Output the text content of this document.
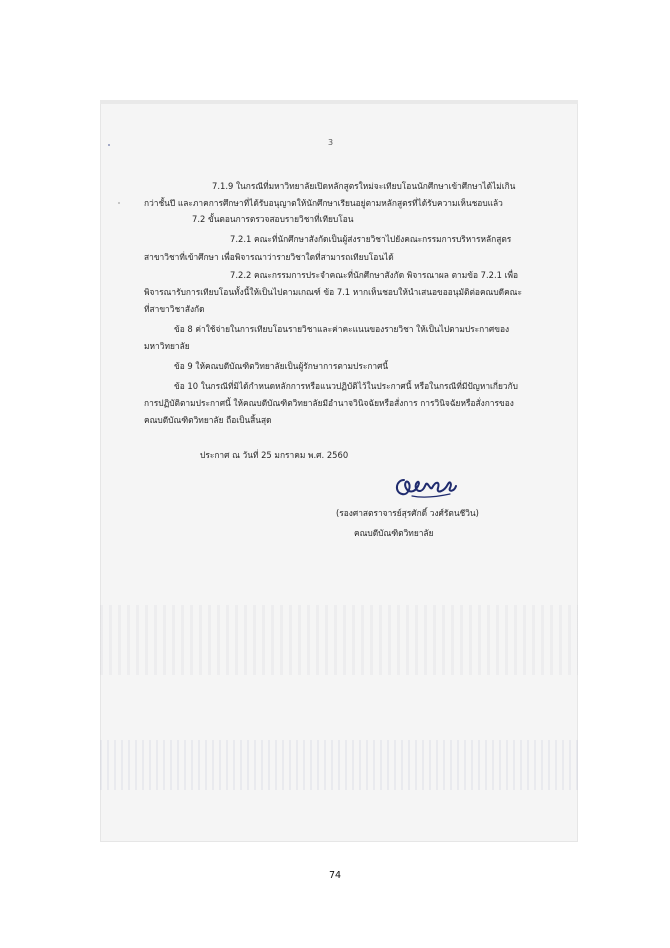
3
7.1.9 ในกรณีที่มหาวิทยาลัยเปิดหลักสูตรใหม่จะเทียบโอนนักศึกษาเข้าศึกษาได้ไม่เกิน
กว่าชั้นปี และภาคการศึกษาที่ได้รับอนุญาตให้นักศึกษาเรียนอยู่ตามหลักสูตรที่ได้รับความเห็นชอบแล้ว
7.2 ขั้นตอนการตรวจสอบรายวิชาที่เทียบโอน
7.2.1 คณะที่นักศึกษาสังกัดเป็นผู้ส่งรายวิชาไปยังคณะกรรมการบริหารหลักสูตร
สาขาวิชาที่เข้าศึกษา เพื่อพิจารณาว่ารายวิชาใดที่สามารถเทียบโอนได้
7.2.2 คณะกรรมการประจำคณะที่นักศึกษาสังกัด พิจารณาผล ตามข้อ 7.2.1 เพื่อ
พิจารณารับการเทียบโอนทั้งนี้ให้เป็นไปตามเกณฑ์ ข้อ 7.1 หากเห็นชอบให้นำเสนอขออนุมัติต่อคณบดีคณะ
ที่สาขาวิชาสังกัด
ข้อ 8 ค่าใช้จ่ายในการเทียบโอนรายวิชาและค่าคะแนนของรายวิชา ให้เป็นไปตามประกาศของ
มหาวิทยาลัย
ข้อ 9 ให้คณบดีบัณฑิตวิทยาลัยเป็นผู้รักษาการตามประกาศนี้
ข้อ 10 ในกรณีที่มิได้กำหนดหลักการหรือแนวปฏิบัติไว้ในประกาศนี้ หรือในกรณีที่มีปัญหาเกี่ยวกับ
การปฏิบัติตามประกาศนี้ ให้คณบดีบัณฑิตวิทยาลัยมีอำนาจวินิจฉัยหรือสั่งการ การวินิจฉัยหรือสั่งการของ
คณบดีบัณฑิตวิทยาลัย ถือเป็นสิ้นสุด
ประกาศ ณ วันที่ 25 มกราคม พ.ศ. 2560
(รองศาสตราจารย์สุรศักดิ์ วงศ์รัตนชีวิน)
คณบดีบัณฑิตวิทยาลัย
74
